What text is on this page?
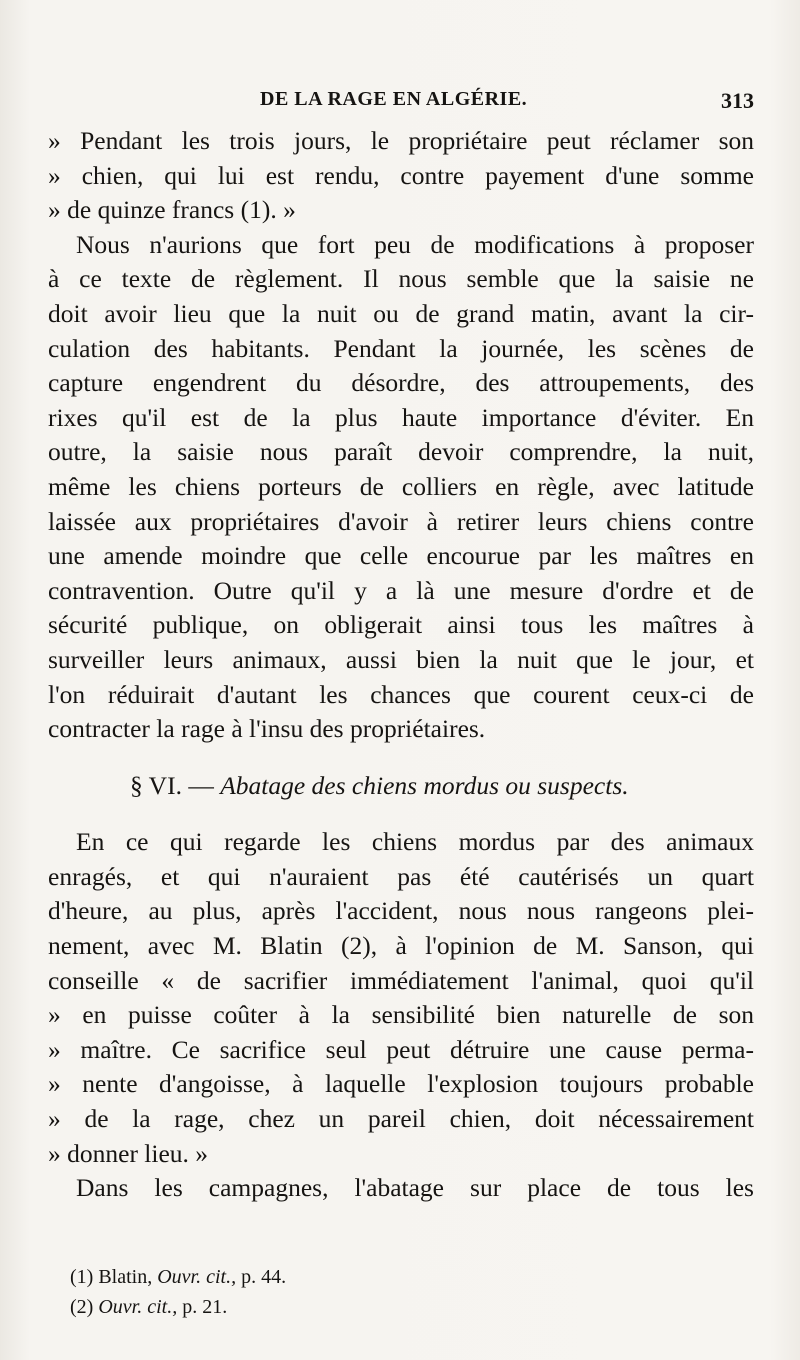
DE LA RAGE EN ALGÉRIE.	313
» Pendant les trois jours, le propriétaire peut réclamer son
» chien, qui lui est rendu, contre payement d'une somme
» de quinze francs (1). »
Nous n'aurions que fort peu de modifications à proposer
à ce texte de règlement. Il nous semble que la saisie ne
doit avoir lieu que la nuit ou de grand matin, avant la cir-
culation des habitants. Pendant la journée, les scènes de
capture engendrent du désordre, des attroupements, des
rixes qu'il est de la plus haute importance d'éviter. En
outre, la saisie nous paraît devoir comprendre, la nuit,
même les chiens porteurs de colliers en règle, avec latitude
laissée aux propriétaires d'avoir à retirer leurs chiens contre
une amende moindre que celle encourue par les maîtres en
contravention. Outre qu'il y a là une mesure d'ordre et de
sécurité publique, on obligerait ainsi tous les maîtres à
surveiller leurs animaux, aussi bien la nuit que le jour, et
l'on réduirait d'autant les chances que courent ceux-ci de
contracter la rage à l'insu des propriétaires.
§ VI. — Abatage des chiens mordus ou suspects.
En ce qui regarde les chiens mordus par des animaux
enragés, et qui n'auraient pas été cautérisés un quart
d'heure, au plus, après l'accident, nous nous rangeons plei-
nement, avec M. Blatin (2), à l'opinion de M. Sanson, qui
conseille « de sacrifier immédiatement l'animal, quoi qu'il
» en puisse coûter à la sensibilité bien naturelle de son
» maître. Ce sacrifice seul peut détruire une cause perma-
» nente d'angoisse, à laquelle l'explosion toujours probable
» de la rage, chez un pareil chien, doit nécessairement
» donner lieu. »
Dans les campagnes, l'abatage sur place de tous les
(1) Blatin, Ouvr. cit., p. 44.
(2) Ouvr. cit., p. 21.
